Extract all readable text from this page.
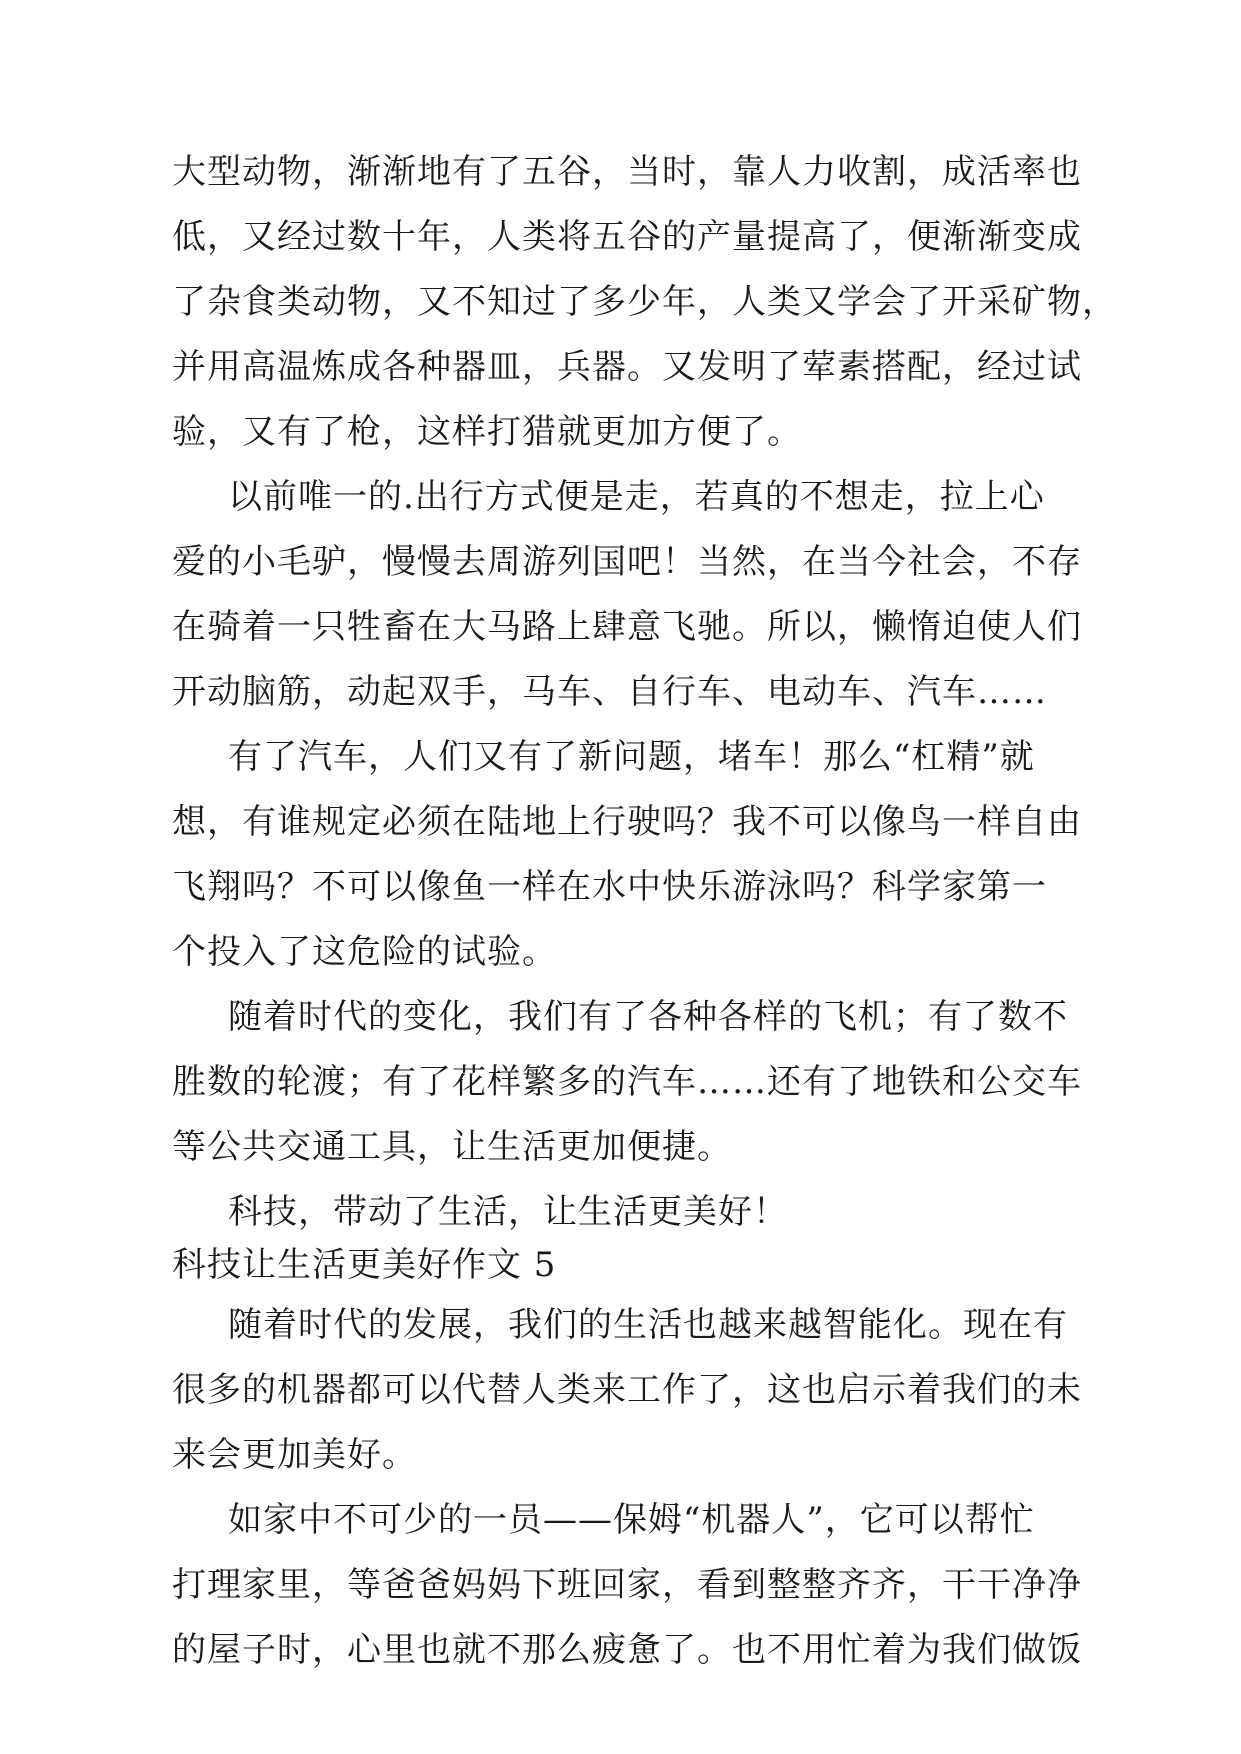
大型动物，渐渐地有了五谷，当时，靠人力收割，成活率也
低，又经过数十年，人类将五谷的产量提高了，便渐渐变成
了杂食类动物，又不知过了多少年，人类又学会了开采矿物，
并用高温炼成各种器皿，兵器。又发明了荤素搭配，经过试
验，又有了枪，这样打猎就更加方便了。
以前唯一的.出行方式便是走，若真的不想走，拉上心
爱的小毛驴，慢慢去周游列国吧！当然，在当今社会，不存
在骑着一只牲畜在大马路上肆意飞驰。所以，懒惰迫使人们
开动脑筋，动起双手，马车、自行车、电动车、汽车……
有了汽车，人们又有了新问题，堵车！那么“杠精”就
想，有谁规定必须在陆地上行驶吗？我不可以像鸟一样自由
飞翔吗？不可以像鱼一样在水中快乐游泳吗？科学家第一
个投入了这危险的试验。
随着时代的变化，我们有了各种各样的飞机；有了数不
胜数的轮渡；有了花样繁多的汽车……还有了地铁和公交车
等公共交通工具，让生活更加便捷。
科技，带动了生活，让生活更美好！
科技让生活更美好作文 5
随着时代的发展，我们的生活也越来越智能化。现在有
很多的机器都可以代替人类来工作了，这也启示着我们的未
来会更加美好。
如家中不可少的一员——保姆“机器人”，它可以帮忙
打理家里，等爸爸妈妈下班回家，看到整整齐齐，干干净净
的屋子时，心里也就不那么疲惫了。也不用忙着为我们做饭
